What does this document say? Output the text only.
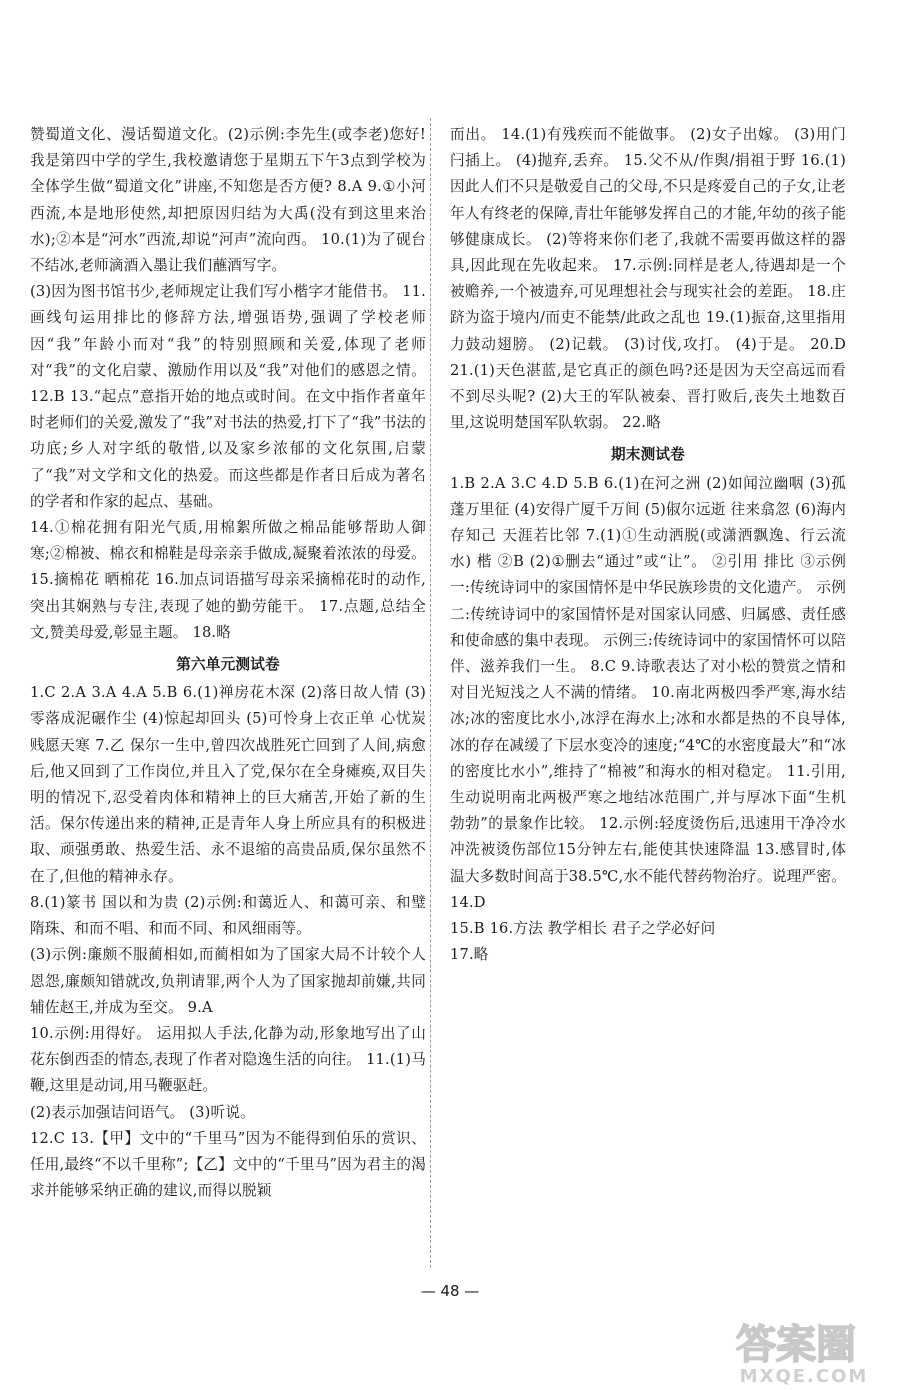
赞蜀道文化、漫话蜀道文化。(2)示例:李先生(或李老)您好!我是第四中学的学生,我校邀请您于星期五下午3点到学校为全体学生做“蜀道文化”讲座,不知您是否方便? 8.A 9.①小河西流,本是地形使然,却把原因归结为大禹(没有到这里来治水);②本是“河水”西流,却说“河声”流向西。 10.(1)为了砚台不结冰,老师滴酒入墨让我们蘸酒写字。

(3)因为图书馆书少,老师规定让我们写小楷字才能借书。 11.画线句运用排比的修辞方法,增强语势,强调了学校老师因“我”年龄小而对“我”的特别照顾和关爱,体现了老师对“我”的文化启蒙、激励作用以及“我”对他们的感恩之情。 12.B 13.“起点”意指开始的地点或时间。在文中指作者童年时老师们的关爱,激发了“我”对书法的热爱,打下了“我”书法的功底;乡人对字纸的敬惜,以及家乡浓郁的文化氛围,启蒙了“我”对文学和文化的热爱。而这些都是作者日后成为著名的学者和作家的起点、基础。

14.①棉花拥有阳光气质,用棉絮所做之棉品能够帮助人御寒;②棉被、棉衣和棉鞋是母亲亲手做成,凝聚着浓浓的母爱。 15.摘棉花 晒棉花 16.加点词语描写母亲采摘棉花时的动作,突出其娴熟与专注,表现了她的勤劳能干。 17.点题,总结全文,赞美母爱,彰显主题。 18.略

第六单元测试卷

1.C 2.A 3.A 4.A 5.B 6.(1)禅房花木深 (2)落日故人情 (3)零落成泥碾作尘 (4)惊起却回头 (5)可怜身上衣正单 心忧炭贱愿天寒 7.乙 保尔一生中,曾四次战胜死亡回到了人间,病愈后,他又回到了工作岗位,并且入了党,保尔在全身瘫痪,双目失明的情况下,忍受着肉体和精神上的巨大痛苦,开始了新的生活。保尔传递出来的精神,正是青年人身上所应具有的积极进取、顽强勇敢、热爱生活、永不退缩的高贵品质,保尔虽然不在了,但他的精神永存。

8.(1)篆书 国以和为贵 (2)示例:和蔼近人、和蔼可亲、和璧隋珠、和而不唱、和而不同、和风细雨等。

(3)示例:廉颇不服蔺相如,而蔺相如为了国家大局不计较个人恩怨,廉颇知错就改,负荆请罪,两个人为了国家抛却前嫌,共同辅佐赵王,并成为至交。 9.A

10.示例:用得好。 运用拟人手法,化静为动,形象地写出了山花东倒西歪的情态,表现了作者对隐逸生活的向往。 11.(1)马鞭,这里是动词,用马鞭驱赶。

(2)表示加强诘问语气。 (3)听说。

12.C 13.【甲】文中的“千里马”因为不能得到伯乐的赏识、任用,最终“不以千里称”;【乙】文中的“千里马”因为君主的渴求并能够采纳正确的建议,而得以脱颖

而出。 14.(1)有残疾而不能做事。 (2)女子出嫁。 (3)用门闩插上。 (4)抛弃,丢弃。 15.父不从/作舆/捐祖于野 16.(1)因此人们不只是敬爱自己的父母,不只是疼爱自己的子女,让老年人有终老的保障,青壮年能够发挥自己的才能,年幼的孩子能够健康成长。 (2)等将来你们老了,我就不需要再做这样的器具,因此现在先收起来。 17.示例:同样是老人,待遇却是一个被赡养,一个被遗弃,可见理想社会与现实社会的差距。 18.庄跻为盗于境内/而吏不能禁/此政之乱也 19.(1)振奋,这里指用力鼓动翅膀。 (2)记载。 (3)讨伐,攻打。 (4)于是。 20.D 21.(1)天色湛蓝,是它真正的颜色吗?还是因为天空高远而看不到尽头呢? (2)大王的军队被秦、晋打败后,丧失土地数百里,这说明楚国军队软弱。 22.略

期末测试卷

1.B 2.A 3.C 4.D 5.B 6.(1)在河之洲 (2)如闻泣幽咽 (3)孤蓬万里征 (4)安得广厦千万间 (5)俶尔远逝 往来翕忽 (6)海内存知己 天涯若比邻 7.(1)①生动洒脱(或潇洒飘逸、行云流水) 楷 ②B (2)①删去“通过”或“让”。 ②引用 排比 ③示例一:传统诗词中的家国情怀是中华民族珍贵的文化遗产。 示例二:传统诗词中的家国情怀是对国家认同感、归属感、责任感和使命感的集中表现。 示例三:传统诗词中的家国情怀可以陪伴、滋养我们一生。 8.C 9.诗歌表达了对小松的赞赏之情和对目光短浅之人不满的情绪。 10.南北两极四季严寒,海水结冰;冰的密度比水小,冰浮在海水上;冰和水都是热的不良导体,冰的存在减缓了下层水变冷的速度;“4℃的水密度最大”和“冰的密度比水小”,维持了“棉被”和海水的相对稳定。 11.引用,生动说明南北两极严寒之地结冰范围广,并与厚冰下面“生机勃勃”的景象作比较。 12.示例:轻度烫伤后,迅速用干净冷水冲洗被烫伤部位15分钟左右,能使其快速降温 13.感冒时,体温大多数时间高于38.5℃,水不能代替药物治疗。说理严密。 14.D

15.B 16.方法 教学相长 君子之学必好问

17.略

— 48 —
答案圈
MXQE.COM
